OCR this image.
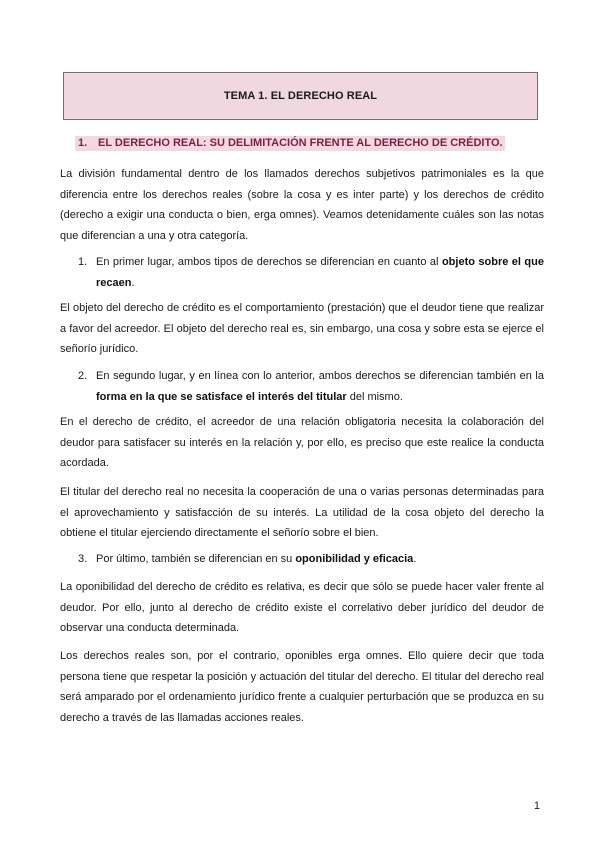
TEMA 1. EL DERECHO REAL
1. EL DERECHO REAL: SU DELIMITACIÓN FRENTE AL DERECHO DE CRÉDITO.

La división fundamental dentro de los llamados derechos subjetivos patrimoniales es la que diferencia entre los derechos reales (sobre la cosa y es inter parte) y los derechos de crédito (derecho a exigir una conducta o bien, erga omnes). Veamos detenidamente cuáles son las notas que diferencian a una y otra categoría.

1. En primer lugar, ambos tipos de derechos se diferencian en cuanto al objeto sobre el que recaen.

El objeto del derecho de crédito es el comportamiento (prestación) que el deudor tiene que realizar a favor del acreedor. El objeto del derecho real es, sin embargo, una cosa y sobre esta se ejerce el señorío jurídico.

2. En segundo lugar, y en línea con lo anterior, ambos derechos se diferencian también en la forma en la que se satisface el interés del titular del mismo.

En el derecho de crédito, el acreedor de una relación obligatoria necesita la colaboración del deudor para satisfacer su interés en la relación y, por ello, es preciso que este realice la conducta acordada.

El titular del derecho real no necesita la cooperación de una o varias personas determinadas para el aprovechamiento y satisfacción de su interés. La utilidad de la cosa objeto del derecho la obtiene el titular ejerciendo directamente el señorío sobre el bien.

3. Por último, también se diferencian en su oponibilidad y eficacia.

La oponibilidad del derecho de crédito es relativa, es decir que sólo se puede hacer valer frente al deudor. Por ello, junto al derecho de crédito existe el correlativo deber jurídico del deudor de observar una conducta determinada.

Los derechos reales son, por el contrario, oponibles erga omnes. Ello quiere decir que toda persona tiene que respetar la posición y actuación del titular del derecho. El titular del derecho real será amparado por el ordenamiento jurídico frente a cualquier perturbación que se produzca en su derecho a través de las llamadas acciones reales.

1
